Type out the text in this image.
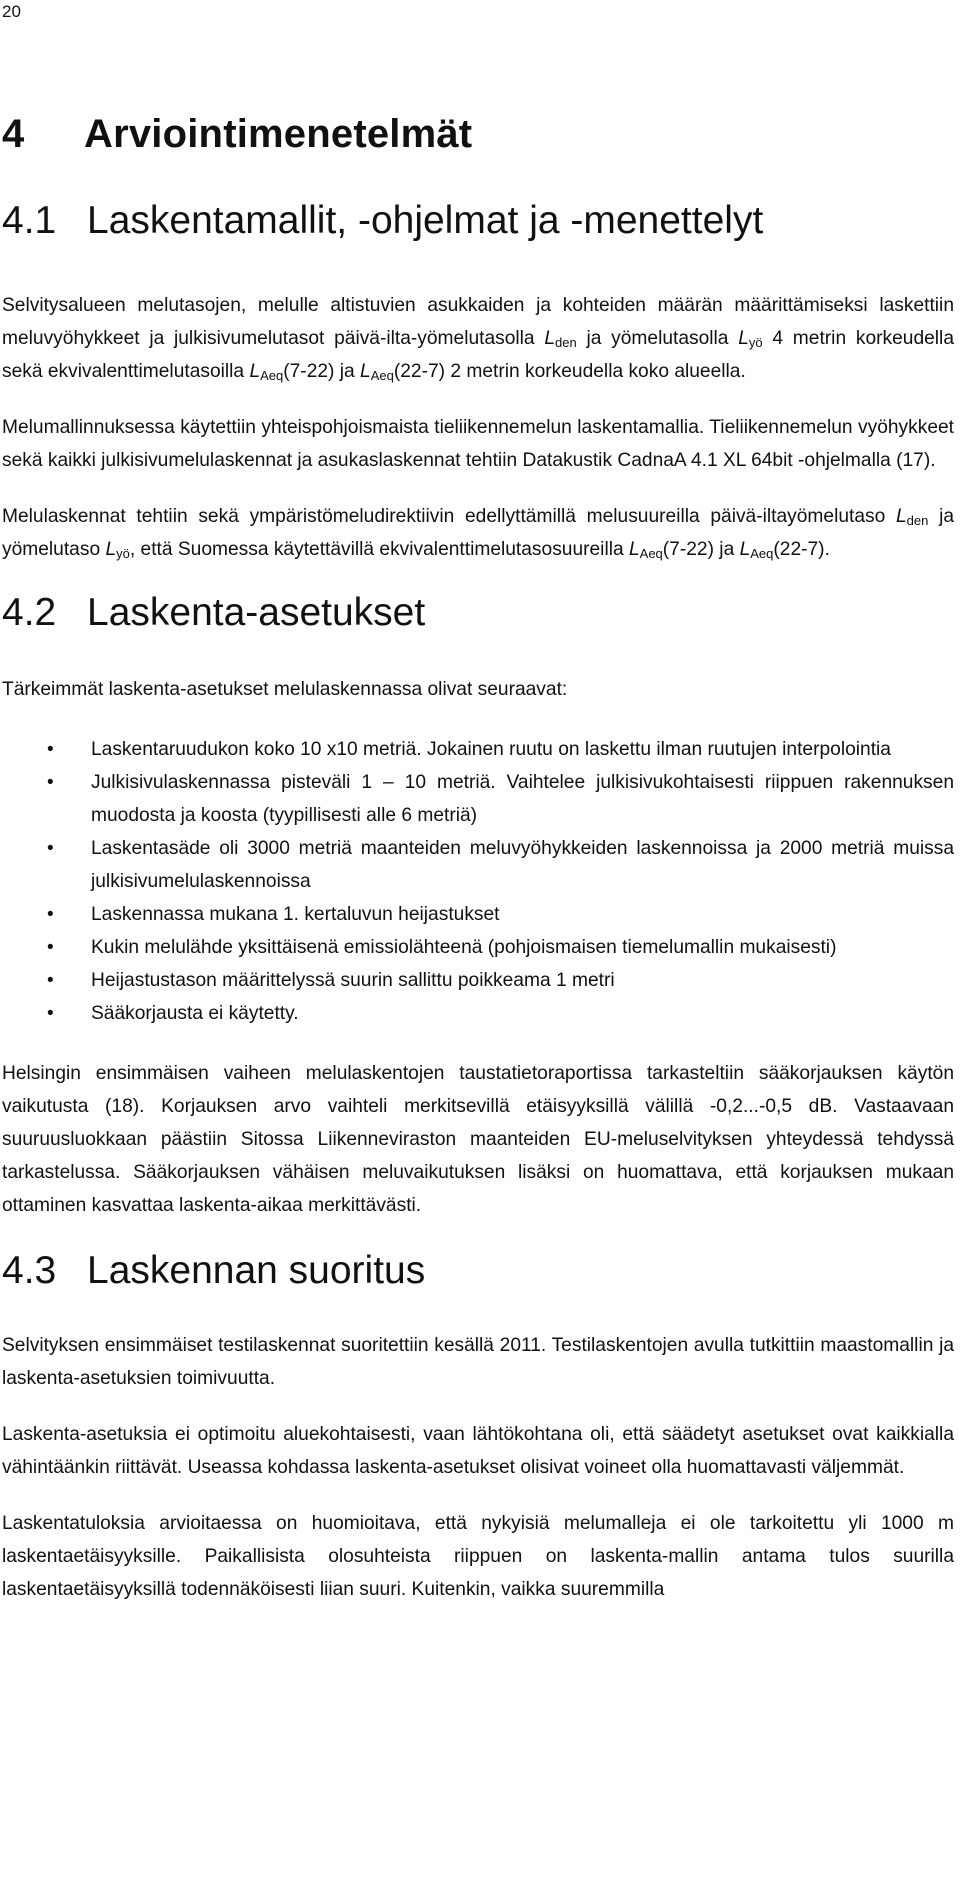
20
4	Arviointimenetelmät
4.1 Laskentamallit, -ohjelmat ja -menettelyt

Selvitysalueen melutasojen, melulle altistuvien asukkaiden ja kohteiden määrän määrittämiseksi laskettiin meluvyöhykkeet ja julkisivumelutasot päivä-ilta-yömelutasolla $L_{den}$ ja yömelutasolla $L_{yö}$ 4 metrin korkeudella sekä ekvivalenttimelutasoilla $L_{Aeq}(7-22)$ ja $L_{Aeq}(22-7)$ 2 metrin korkeudella koko alueella.

Melumallinnuksessa käytettiin yhteispohjoismaista tieliikennemelun laskentamallia. Tieliikennemelun vyöhykkeet sekä kaikki julkisivumelulaskennat ja asukaslaskennat tehtiin Datakustik CadnaA 4.1 XL 64bit -ohjelmalla (17).

Melulaskennat tehtiin sekä ympäristömeludirektiivin edellyttämillä melusuureilla päivä-iltayömelutaso $L_{den}$ ja yömelutaso $L_{yö}$, että Suomessa käytettävillä ekvivalenttimelutasosuureilla $L_{Aeq}(7-22)$ ja $L_{Aeq}(22-7)$.

4.2 Laskenta-asetukset

Tärkeimmät laskenta-asetukset melulaskennassa olivat seuraavat:

• Laskentaruudukon koko 10 x10 metriä. Jokainen ruutu on laskettu ilman ruutujen interpolointia
• Julkisivulaskennassa pisteväli 1 – 10 metriä. Vaihtelee julkisivukohtaisesti riippuen rakennuksen muodosta ja koosta (tyypillisesti alle 6 metriä)
• Laskentasäde oli 3000 metriä maanteiden meluvyöhykkeiden laskennoissa ja 2000 metriä muissa julkisivumelulaskennoissa
• Laskennassa mukana 1. kertaluvun heijastukset
• Kukin melulähde yksittäisenä emissiolähteenä (pohjoismaisen tiemelumallin mukaisesti)
• Heijastustason määrittelyssä suurin sallittu poikkeama 1 metri
• Sääkorjausta ei käytetty.

Helsingin ensimmäisen vaiheen melulaskentojen taustatietoraportissa tarkasteltiin sääkorjauksen käytön vaikutusta (18). Korjauksen arvo vaihteli merkitsevillä etäisyyksillä välillä -0,2...-0,5 dB. Vastaavaan suuruusluokkaan päästiin Sitossa Liikenneviraston maanteiden EU-meluselvityksen yhteydessä tehdyssä tarkastelussa. Sääkorjauksen vähäisen meluvaikutuksen lisäksi on huomattava, että korjauksen mukaan ottaminen kasvattaa laskenta-aikaa merkittävästi.

4.3 Laskennan suoritus

Selvityksen ensimmäiset testilaskennat suoritettiin kesällä 2011. Testilaskentojen avulla tutkittiin maastomallin ja laskenta-asetuksien toimivuutta.

Laskenta-asetuksia ei optimoitu aluekohtaisesti, vaan lähtökohtana oli, että säädetyt asetukset ovat kaikkialla vähintäänkin riittävät. Useassa kohdassa laskenta-asetukset olisivat voineet olla huomattavasti väljemmät.

Laskentatuloksia arvioitaessa on huomioitava, että nykyisiä melumalleja ei ole tarkoitettu yli 1000 m laskentaetäisyyksille. Paikallisista olosuhteista riippuen on laskenta-mallin antama tulos suurilla laskentaetäisyyksillä todennäköisesti liian suuri. Kuitenkin, vaikka suuremmilla
